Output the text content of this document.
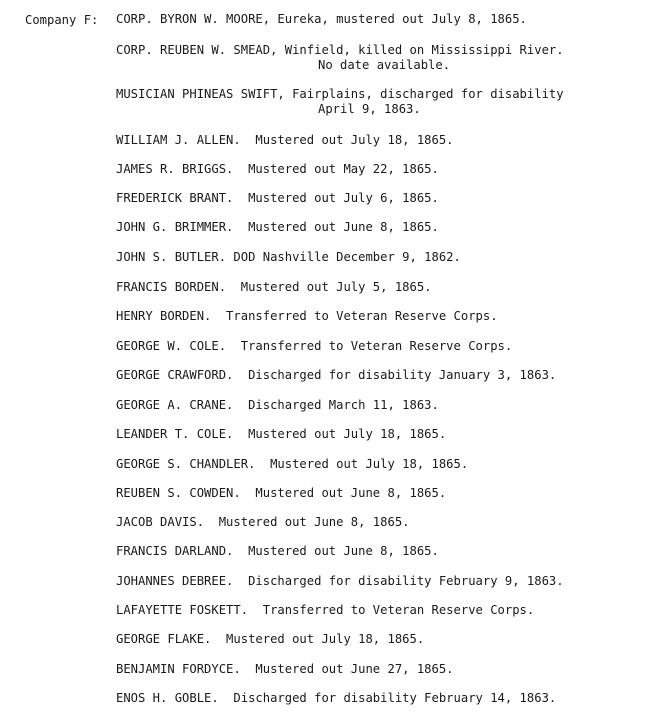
Company F: CORP. BYRON W. MOORE, Eureka, mustered out July 8, 1865.

CORP. REUBEN W. SMEAD, Winfield, killed on Mississippi River.
No date available.

MUSICIAN PHINEAS SWIFT, Fairplains, discharged for disability
April 9, 1863.

WILLIAM J. ALLEN.  Mustered out July 18, 1865.

JAMES R. BRIGGS.  Mustered out May 22, 1865.

FREDERICK BRANT.  Mustered out July 6, 1865.

JOHN G. BRIMMER.  Mustered out June 8, 1865.

JOHN S. BUTLER. DOD Nashville December 9, 1862.

FRANCIS BORDEN.  Mustered out July 5, 1865.

HENRY BORDEN.  Transferred to Veteran Reserve Corps.

GEORGE W. COLE.  Transferred to Veteran Reserve Corps.

GEORGE CRAWFORD.  Discharged for disability January 3, 1863.

GEORGE A. CRANE.  Discharged March 11, 1863.

LEANDER T. COLE.  Mustered out July 18, 1865.

GEORGE S. CHANDLER.  Mustered out July 18, 1865.

REUBEN S. COWDEN.  Mustered out June 8, 1865.

JACOB DAVIS.  Mustered out June 8, 1865.

FRANCIS DARLAND.  Mustered out June 8, 1865.

JOHANNES DEBREE.  Discharged for disability February 9, 1863.

LAFAYETTE FOSKETT.  Transferred to Veteran Reserve Corps.

GEORGE FLAKE.  Mustered out July 18, 1865.

BENJAMIN FORDYCE.  Mustered out June 27, 1865.

ENOS H. GOBLE.  Discharged for disability February 14, 1863.
